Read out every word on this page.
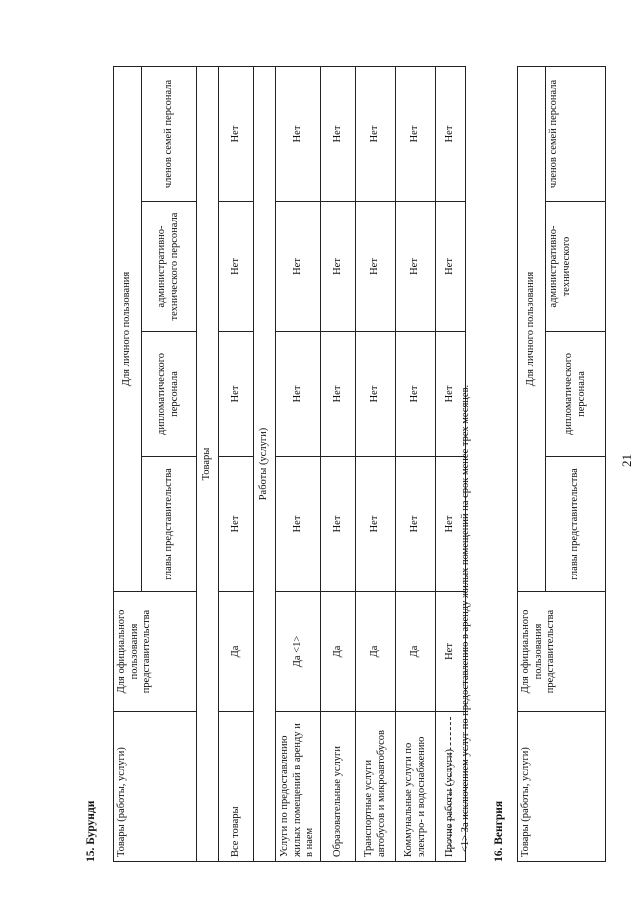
21
15. Бурунди Товары (работы, услуги)	Для официального пользования представительства	Для личного пользования			
		главы представительства	дипломатического персонала	административно-технического персонала	членов семей персонала
Товары					
Все товары	Да	Нет	Нет	Нет	Нет
Работы (услуги)					
Услуги по предоставлению жилых помещений в аренду и в наем	Да <1>	Нет	Нет	Нет	Нет
Образовательные услуги	Да	Нет	Нет	Нет	Нет
Транспортные услуги автобусов и микроавтобусов	Да	Нет	Нет	Нет	Нет
Коммунальные услуги по электро- и водоснабжению	Да	Нет	Нет	Нет	Нет
Прочие работы (услуги)	Нет	Нет	Нет	Нет	Нет
<1> За исключением услуг по предоставлению в аренду жилых помещений на срок менее трех месяцев. 16. Венгрия Товары (работы, услуги)	Для официального пользования представительства	Для личного пользования			
		главы представительства	дипломатического персонала	административно-технического	членов семей персонала
